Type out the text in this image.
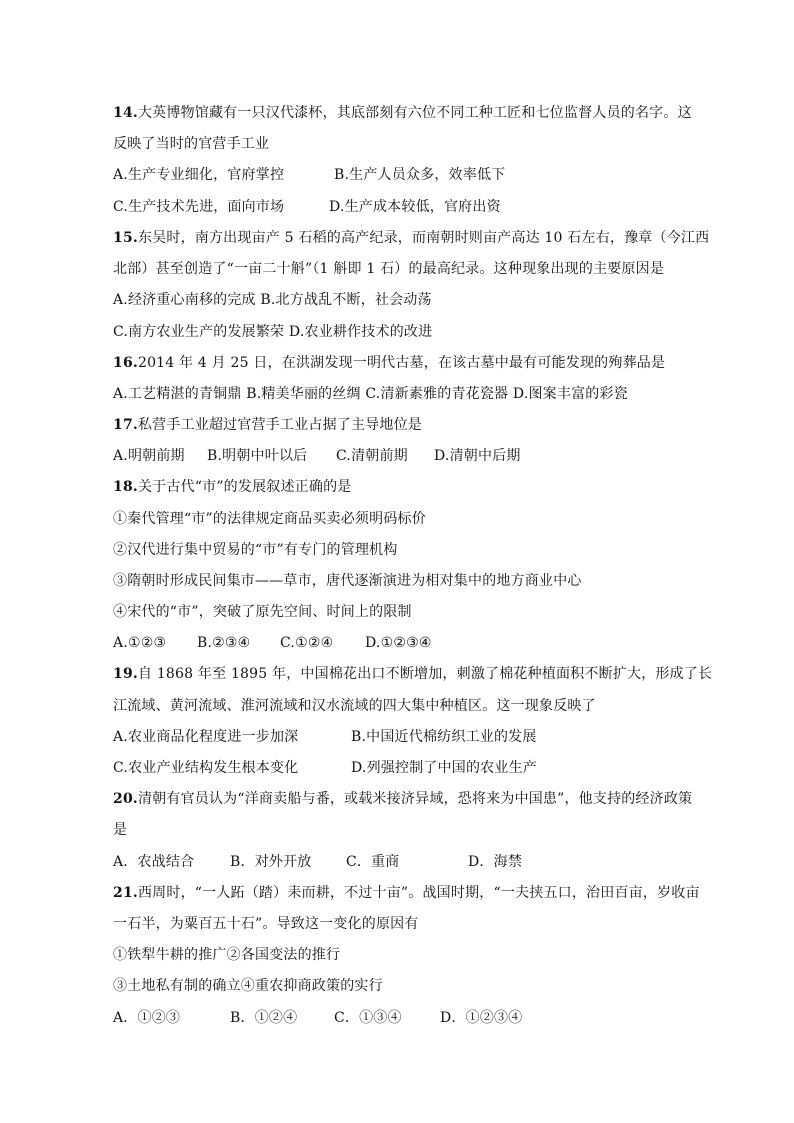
14.大英博物馆藏有一只汉代漆杯，其底部刻有六位不同工种工匠和七位监督人员的名字。这
反映了当时的官营手工业
A.生产专业细化，官府掌控	B.生产人员众多，效率低下
C.生产技术先进，面向市场	D.生产成本较低，官府出资
15.东吴时，南方出现亩产 5 石稻的高产纪录，而南朝时则亩产高达 10 石左右，豫章（今江西
北部）甚至创造了“一亩二十斛”（1 斛即 1 石）的最高纪录。这种现象出现的主要原因是
A.经济重心南移的完成 B.北方战乱不断，社会动荡
C.南方农业生产的发展繁荣 D.农业耕作技术的改进
16.2014 年 4 月 25 日，在洪湖发现一明代古墓，在该古墓中最有可能发现的殉葬品是
A.工艺精湛的青铜鼎 B.精美华丽的丝绸 C.清新素雅的青花瓷器 D.图案丰富的彩瓷
17.私营手工业超过官营手工业占据了主导地位是
A.明朝前期 B.明朝中叶以后 C.清朝前期 D.清朝中后期
18.关于古代“市”的发展叙述正确的是
①秦代管理“市”的法律规定商品买卖必须明码标价
②汉代进行集中贸易的“市”有专门的管理机构
③隋朝时形成民间集市——草市，唐代逐渐演进为相对集中的地方商业中心
④宋代的“市”，突破了原先空间、时间上的限制
A.①②③ B.②③④ C.①②④ D.①②③④
19.自 1868 年至 1895 年，中国棉花出口不断增加，刺激了棉花种植面积不断扩大，形成了长
江流域、黄河流域、淮河流域和汉水流域的四大集中种植区。这一现象反映了
A.农业商品化程度进一步加深	B.中国近代棉纺织工业的发展
C.农业产业结构发生根本变化	D.列强控制了中国的农业生产
20.清朝有官员认为“洋商卖船与番，或载米接济异域，恐将来为中国患”，他支持的经济政策
是
A．农战结合	B．对外开放 C．重商	D．海禁
21.西周时，“一人跖（踏）耒而耕，不过十亩”。战国时期，“一夫挟五口，治田百亩，岁收亩
一石半，为粟百五十石”。导致这一变化的原因有
①铁犁牛耕的推广②各国变法的推行
③土地私有制的确立④重农抑商政策的实行
A．①②③	B．①②④	C．①③④	D．①②③④
